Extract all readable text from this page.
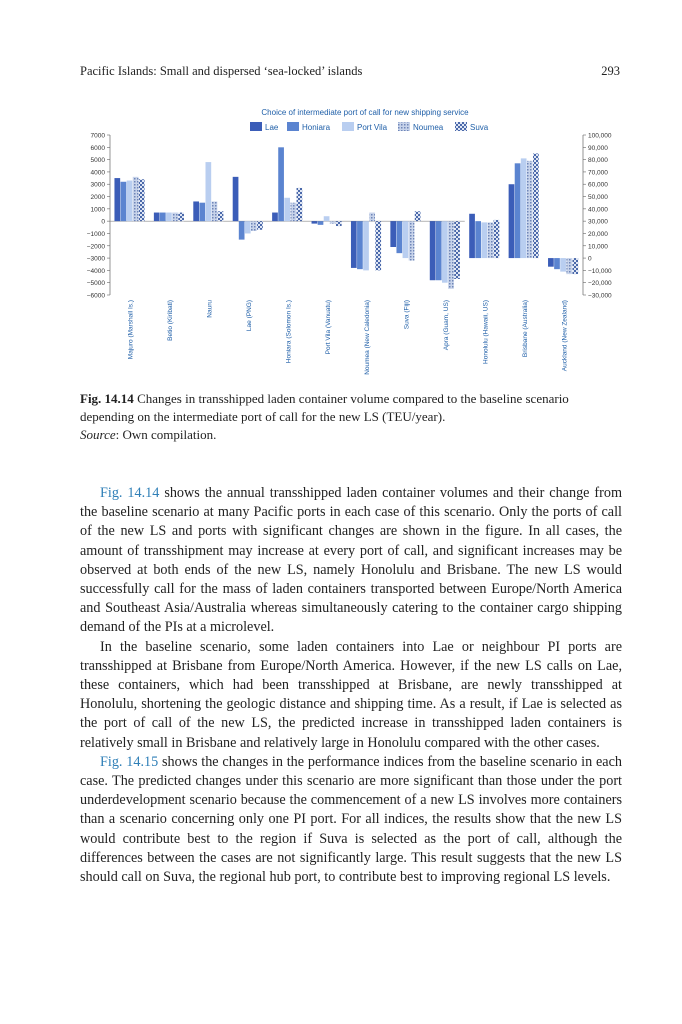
Pacific Islands: Small and dispersed ‘sea-locked’ islands	293
Choice of intermediate port of call for new shipping service
Lae	Honiara	Port Vila	Noumea	Suva
7000
6000
5000
4000
3000
2000
1000
0
−1000
−2000
−3000
−4000
−5000
−6000
100,000
90,000
80,000
70,000
60,000
50,000
40,000
30,000
20,000
10,000
0
−10,000
−20,000
−30,000
Majuro (Marshall Is.)	Betio (Kiribati)	Nauru	Lae (PNG)	Honiara (Solomon Is.)	Port Vila (Vanuatu)	Noumea (New Caledonia)	Suva (Fiji)	Apra (Guam, US)	Honolulu (Hawaii, US)	Brisbane (Australia)	Auckland (New Zealand)
Fig. 14.14 Changes in transshipped laden container volume compared to the baseline scenario depending on the intermediate port of call for the new LS (TEU/year).
Source: Own compilation.

Fig. 14.14 shows the annual transshipped laden container volumes and their change from the baseline scenario at many Pacific ports in each case of this scenario. Only the ports of call of the new LS and ports with significant changes are shown in the figure. In all cases, the amount of transshipment may increase at every port of call, and significant increases may be observed at both ends of the new LS, namely Honolulu and Brisbane. The new LS would successfully call for the mass of laden containers transported between Europe/North America and Southeast Asia/Australia whereas simultaneously catering to the container cargo shipping demand of the PIs at a microlevel.

In the baseline scenario, some laden containers into Lae or neighbour PI ports are transshipped at Brisbane from Europe/North America. However, if the new LS calls on Lae, these containers, which had been transshipped at Brisbane, are newly transshipped at Honolulu, shortening the geologic distance and shipping time. As a result, if Lae is selected as the port of call of the new LS, the predicted increase in transshipped laden containers is relatively small in Brisbane and relatively large in Honolulu compared with the other cases.

Fig. 14.15 shows the changes in the performance indices from the baseline scenario in each case. The predicted changes under this scenario are more significant than those under the port underdevelopment scenario because the commencement of a new LS involves more containers than a scenario concerning only one PI port. For all indices, the results show that the new LS would contribute best to the region if Suva is selected as the port of call, although the differences between the cases are not significantly large. This result suggests that the new LS should call on Suva, the regional hub port, to contribute best to improving regional LS levels.
